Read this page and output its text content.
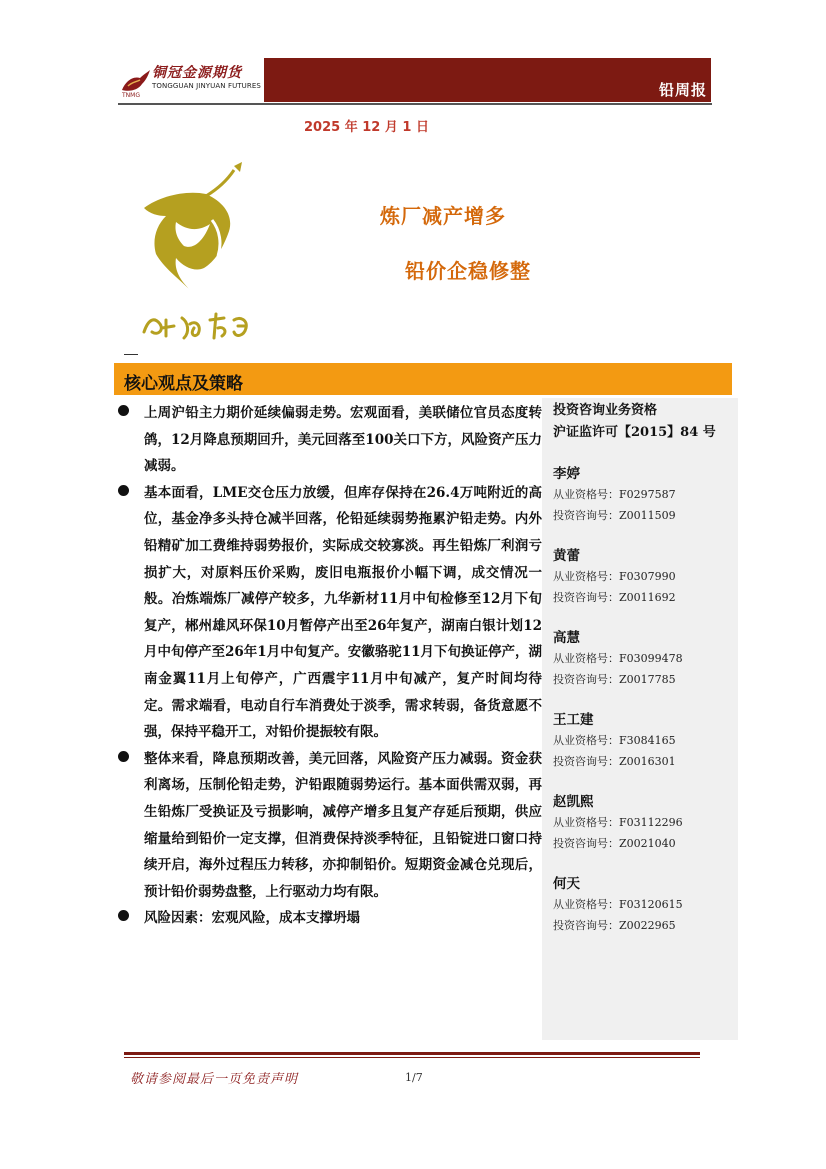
铜冠金源期货
TONGGUAN JINYUAN FUTURES
TNMG	铅周报
2025 年 12 月 1 日
炼厂减产增多
铅价企稳修整
核心观点及策略
上周沪铅主力期价延续偏弱走势。宏观面看，美联储位官员态度转鸽，12月降息预期回升，美元回落至100关口下方，风险资产压力减弱。
基本面看，LME交仓压力放缓，但库存保持在26.4万吨附近的高位，基金净多头持仓减半回落，伦铅延续弱势拖累沪铅走势。内外铅精矿加工费维持弱势报价，实际成交较寡淡。再生铅炼厂利润亏损扩大，对原料压价采购，废旧电瓶报价小幅下调，成交情况一般。冶炼端炼厂减停产较多，九华新材11月中旬检修至12月下旬复产，郴州雄风环保10月暂停产出至26年复产，湖南白银计划12月中旬停产至26年1月中旬复产。安徽骆驼11月下旬换证停产，湖南金翼11月上旬停产，广西震宇11月中旬减产，复产时间均待定。需求端看，电动自行车消费处于淡季，需求转弱，备货意愿不强，保持平稳开工，对铅价提振较有限。
整体来看，降息预期改善，美元回落，风险资产压力减弱。资金获利离场，压制伦铅走势，沪铅跟随弱势运行。基本面供需双弱，再生铅炼厂受换证及亏损影响，减停产增多且复产存延后预期，供应缩量给到铅价一定支撑，但消费保持淡季特征，且铅锭进口窗口持续开启，海外过程压力转移，亦抑制铅价。短期资金减仓兑现后，预计铅价弱势盘整，上行驱动力均有限。
风险因素：宏观风险，成本支撑坍塌
投资咨询业务资格
沪证监许可【2015】84 号
李婷
从业资格号：F0297587
投资咨询号：Z0011509
黄蕾
从业资格号：F0307990
投资咨询号：Z0011692
高慧
从业资格号：F03099478
投资咨询号：Z0017785
王工建
从业资格号：F3084165
投资咨询号：Z0016301
赵凯熙
从业资格号：F03112296
投资咨询号：Z0021040
何天
从业资格号：F03120615
投资咨询号：Z0022965
敬请参阅最后一页免责声明	1/7
